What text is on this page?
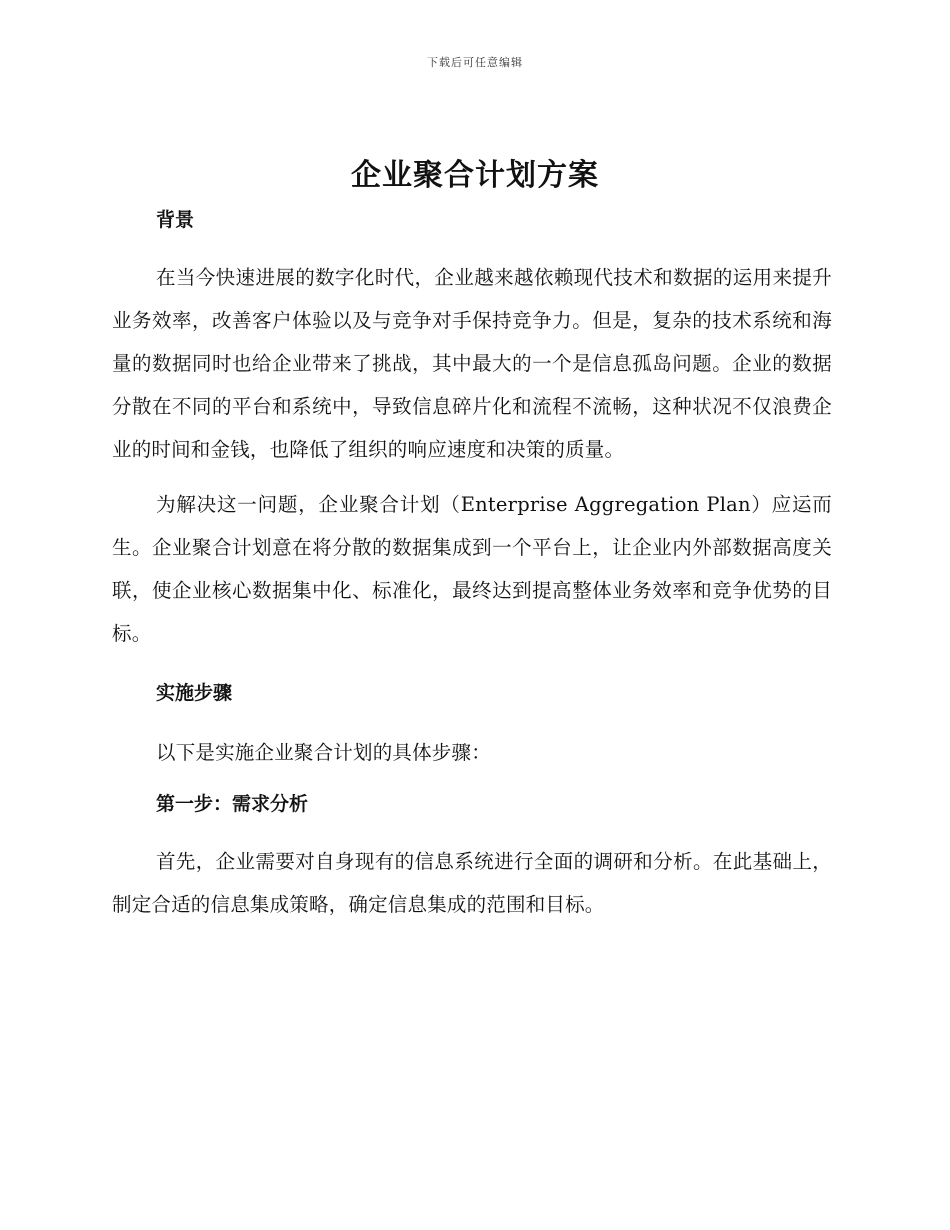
下载后可任意编辑
企业聚合计划方案
背景

在当今快速进展的数字化时代，企业越来越依赖现代技术和数据的运用来提升业务效率，改善客户体验以及与竞争对手保持竞争力。但是，复杂的技术系统和海量的数据同时也给企业带来了挑战，其中最大的一个是信息孤岛问题。企业的数据分散在不同的平台和系统中，导致信息碎片化和流程不流畅，这种状况不仅浪费企业的时间和金钱，也降低了组织的响应速度和决策的质量。

为解决这一问题，企业聚合计划（Enterprise Aggregation Plan）应运而生。企业聚合计划意在将分散的数据集成到一个平台上，让企业内外部数据高度关联，使企业核心数据集中化、标准化，最终达到提高整体业务效率和竞争优势的目标。

实施步骤

以下是实施企业聚合计划的具体步骤：

第一步：需求分析

首先，企业需要对自身现有的信息系统进行全面的调研和分析。在此基础上，制定合适的信息集成策略，确定信息集成的范围和目标。
